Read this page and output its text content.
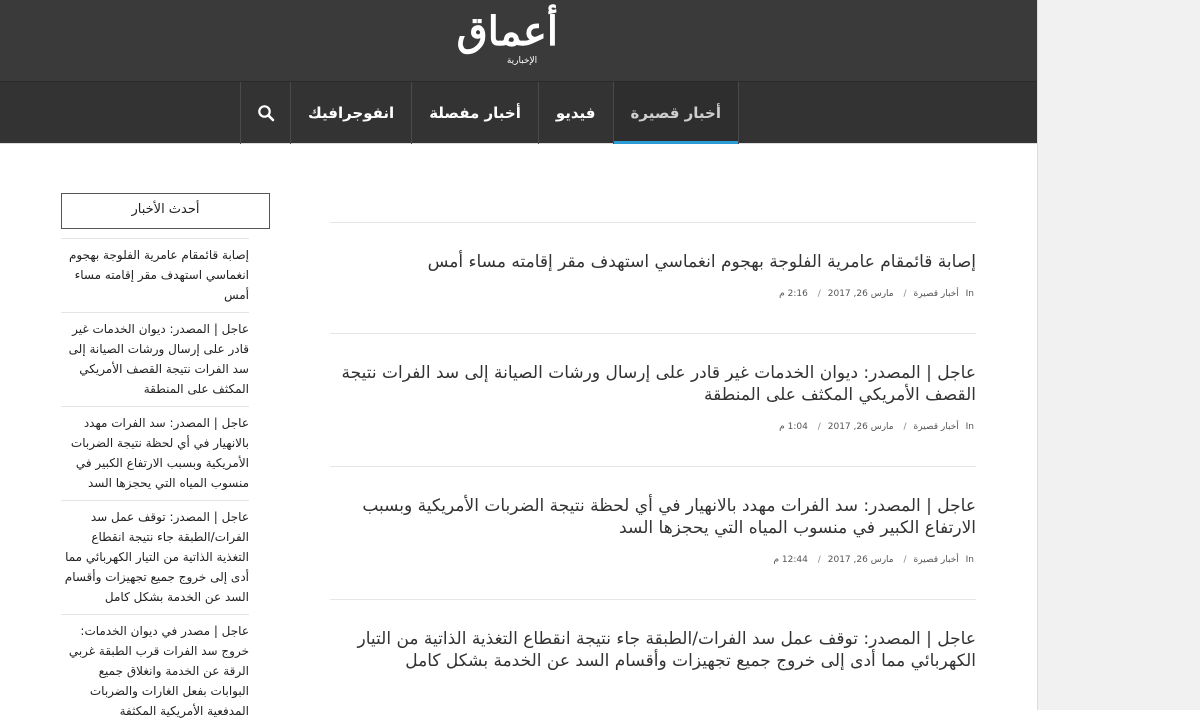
أعماق
الإخبارية
أخبار قصيرة
فيديو
أخبار مفصلة
انفوجرافيك
أحدث الأخبار
إصابة قائمقام عامرية الفلوجة بهجوم انغماسي استهدف مقر إقامته مساء أمس
عاجل | المصدر: ديوان الخدمات غير قادر على إرسال ورشات الصيانة إلى سد الفرات نتيجة القصف الأمريكي المكثف على المنطقة
عاجل | المصدر: سد الفرات مهدد بالانهيار في أي لحظة نتيجة الضربات الأمريكية وبسبب الارتفاع الكبير في منسوب المياه التي يحجزها السد
عاجل | المصدر: توقف عمل سد الفرات/الطبقة جاء نتيجة انقطاع التغذية الذاتية من التيار الكهربائي مما أدى إلى خروج جميع تجهيزات وأقسام السد عن الخدمة بشكل كامل
عاجل | مصدر في ديوان الخدمات: خروج سد الفرات قرب الطبقة غربي الرقة عن الخدمة وانغلاق جميع البوابات بفعل الغارات والضربات المدفعية الأمريكية المكثفة
إصابة قائمقام عامرية الفلوجة بهجوم انغماسي استهدف مقر إقامته مساء أمس
In أخبار قصيرة/ مارس 26, 2017/ 2:16 م
عاجل | المصدر: ديوان الخدمات غير قادر على إرسال ورشات الصيانة إلى سد الفرات نتيجة القصف الأمريكي المكثف على المنطقة
In أخبار قصيرة/ مارس 26, 2017/ 1:04 م
عاجل | المصدر: سد الفرات مهدد بالانهيار في أي لحظة نتيجة الضربات الأمريكية وبسبب الارتفاع الكبير في منسوب المياه التي يحجزها السد
In أخبار قصيرة/ مارس 26, 2017/ 12:44 م
عاجل | المصدر: توقف عمل سد الفرات/الطبقة جاء نتيجة انقطاع التغذية الذاتية من التيار الكهربائي مما أدى إلى خروج جميع تجهيزات وأقسام السد عن الخدمة بشكل كامل
